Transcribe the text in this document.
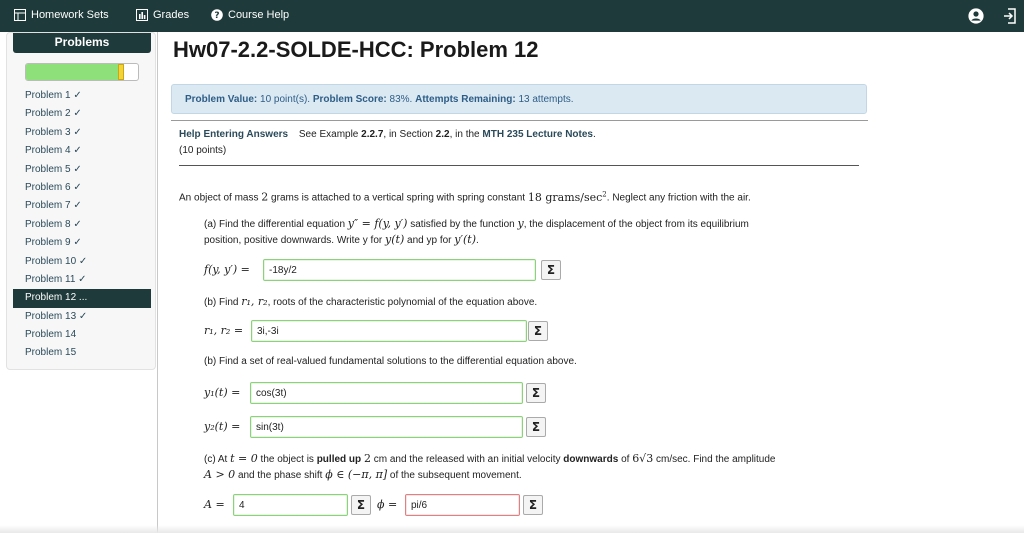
Homework Sets	Grades	? Course Help
Problems
Problem 1 ✓
Problem 2 ✓
Problem 3 ✓
Problem 4 ✓
Problem 5 ✓
Problem 6 ✓
Problem 7 ✓
Problem 8 ✓
Problem 9 ✓
Problem 10 ✓
Problem 11 ✓
Problem 12 ...
Problem 13 ✓
Problem 14
Problem 15
Hw07-2.2-SOLDE-HCC: Problem 12
Problem Value: 10 point(s). Problem Score: 83%. Attempts Remaining: 13 attempts.
Help Entering Answers See Example 2.2.7, in Section 2.2, in the MTH 235 Lecture Notes.
(10 points)
An object of mass 2 grams is attached to a vertical spring with spring constant 18 grams/$\sec^2$. Neglect any friction with the air.
(a) Find the differential equation y″ = f(y, y′) satisfied by the function y, the displacement of the object from its equilibrium
position, positive downwards. Write y for y(t) and yp for y′(t).
f(y, y′) =
-18y/2	Σ
(b) Find r₁, r₂, roots of the characteristic polynomial of the equation above.
r₁, r₂ =
3i,-3i	Σ
(b) Find a set of real-valued fundamental solutions to the differential equation above.
y₁(t) =
cos(3t)	Σ
y₂(t) =
sin(3t)	Σ
(c) At t = 0 the object is pulled up 2 cm and the released with an initial velocity downwards of 6√3 cm/sec. Find the amplitude
A > 0 and the phase shift ϕ ∈ (−π, π] of the subsequent movement.
A =
4	Σ	ϕ =
pi/6	Σ
